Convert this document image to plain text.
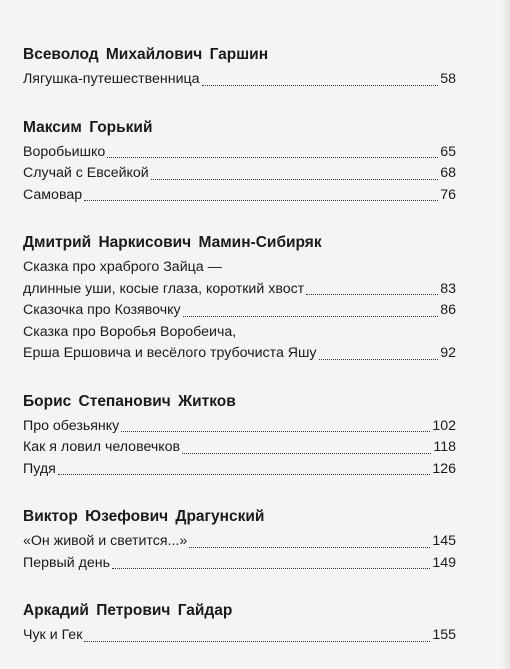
Всеволод Михайлович Гаршин
Лягушка-путешественница	58
Максим Горький
Воробьишко	65
Случай с Евсейкой	68
Самовар	76
Дмитрий Наркисович Мамин-Сибиряк
Сказка про храброго Зайца —
длинные уши, косые глаза, короткий хвост	83
Сказочка про Козявочку	86
Сказка про Воробья Воробеича,
Ерша Ершовича и весёлого трубочиста Яшу	92
Борис Степанович Житков
Про обезьянку	102
Как я ловил человечков	118
Пудя	126
Виктор Юзефович Драгунский
«Он живой и светится...»	145
Первый день	149
Аркадий Петрович Гайдар
Чук и Гек	155
